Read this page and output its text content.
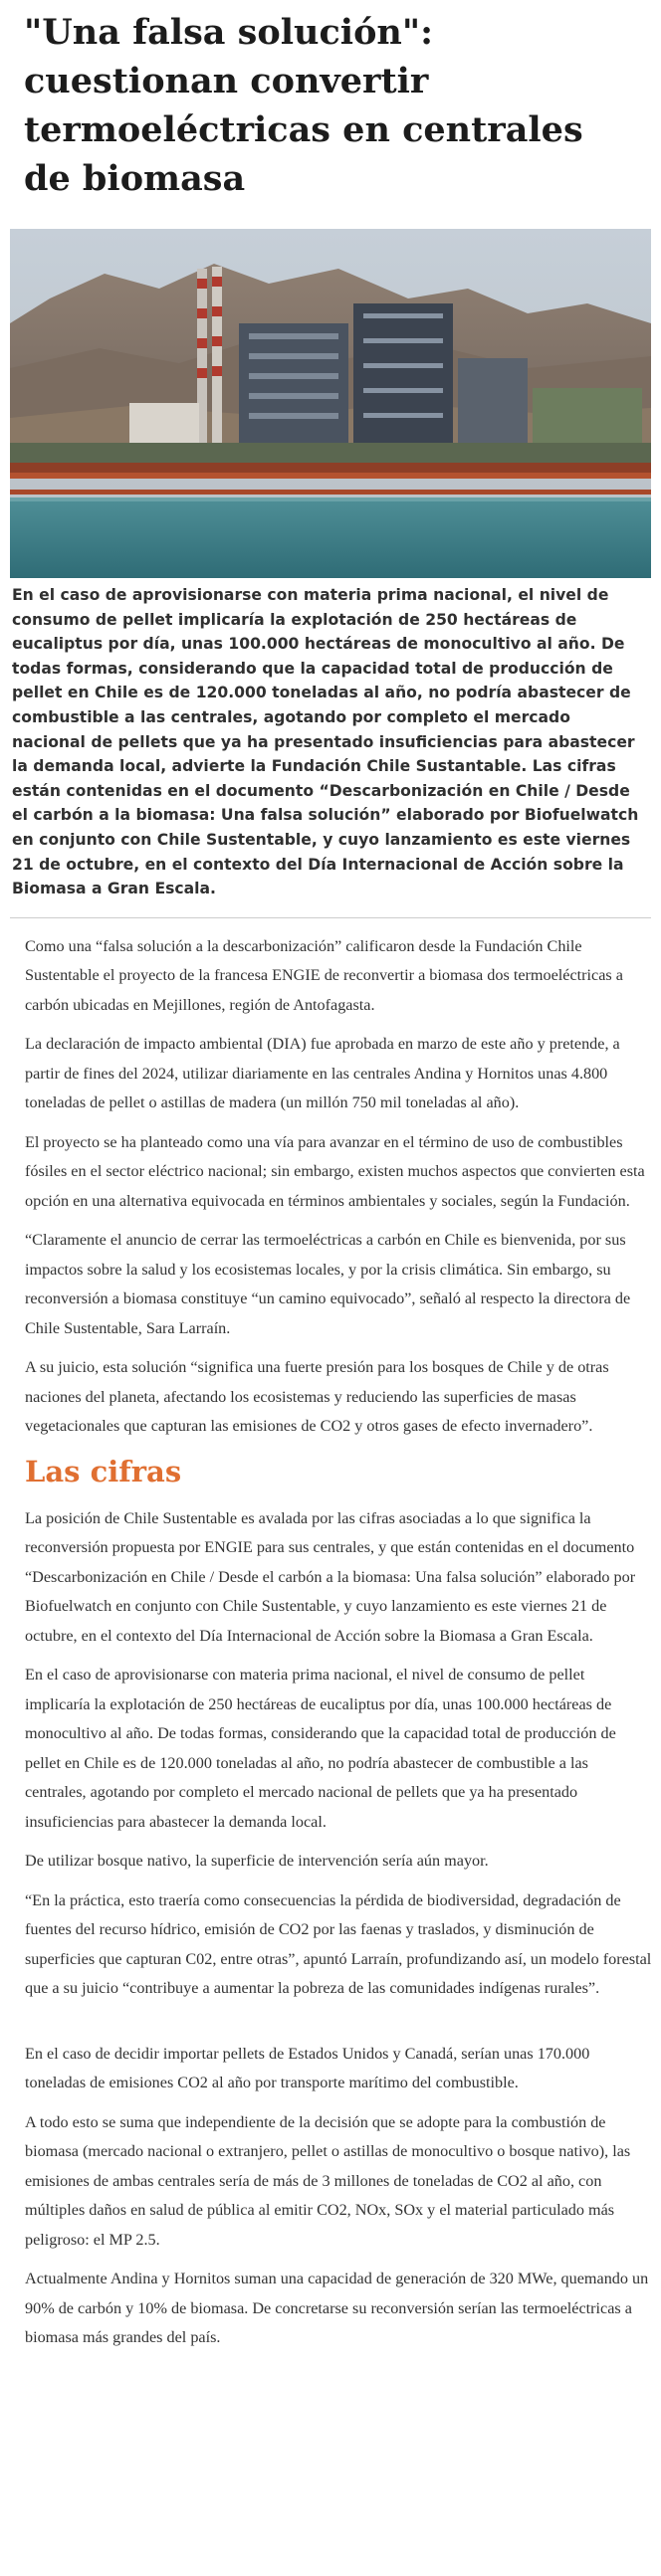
"Una falsa solución": cuestionan convertir termoeléctricas en centrales de biomasa

En el caso de aprovisionarse con materia prima nacional, el nivel de consumo de pellet implicaría la explotación de 250 hectáreas de eucaliptus por día, unas 100.000 hectáreas de monocultivo al año. De todas formas, considerando que la capacidad total de producción de pellet en Chile es de 120.000 toneladas al año, no podría abastecer de combustible a las centrales, agotando por completo el mercado nacional de pellets que ya ha presentado insuficiencias para abastecer la demanda local, advierte la Fundación Chile Sustantable. Las cifras están contenidas en el documento “Descarbonización en Chile / Desde el carbón a la biomasa: Una falsa solución” elaborado por Biofuelwatch en conjunto con Chile Sustentable, y cuyo lanzamiento es este viernes 21 de octubre, en el contexto del Día Internacional de Acción sobre la Biomasa a Gran Escala.

Como una “falsa solución a la descarbonización” calificaron desde la Fundación Chile Sustentable el proyecto de la francesa ENGIE de reconvertir a biomasa dos termoeléctricas a carbón ubicadas en Mejillones, región de Antofagasta.

La declaración de impacto ambiental (DIA) fue aprobada en marzo de este año y pretende, a partir de fines del 2024, utilizar diariamente en las centrales Andina y Hornitos unas 4.800 toneladas de pellet o astillas de madera (un millón 750 mil toneladas al año).

El proyecto se ha planteado como una vía para avanzar en el término de uso de combustibles fósiles en el sector eléctrico nacional; sin embargo, existen muchos aspectos que convierten esta opción en una alternativa equivocada en términos ambientales y sociales, según la Fundación.

“Claramente el anuncio de cerrar las termoeléctricas a carbón en Chile es bienvenida, por sus impactos sobre la salud y los ecosistemas locales, y por la crisis climática. Sin embargo, su reconversión a biomasa constituye “un camino equivocado”, señaló al respecto la directora de Chile Sustentable, Sara Larraín.

A su juicio, esta solución “significa una fuerte presión para los bosques de Chile y de otras naciones del planeta, afectando los ecosistemas y reduciendo las superficies de masas vegetacionales que capturan las emisiones de CO2 y otros gases de efecto invernadero”.

Las cifras

La posición de Chile Sustentable es avalada por las cifras asociadas a lo que significa la reconversión propuesta por ENGIE para sus centrales, y que están contenidas en el documento “Descarbonización en Chile / Desde el carbón a la biomasa: Una falsa solución” elaborado por Biofuelwatch en conjunto con Chile Sustentable, y cuyo lanzamiento es este viernes 21 de octubre, en el contexto del Día Internacional de Acción sobre la Biomasa a Gran Escala.

En el caso de aprovisionarse con materia prima nacional, el nivel de consumo de pellet implicaría la explotación de 250 hectáreas de eucaliptus por día, unas 100.000 hectáreas de monocultivo al año. De todas formas, considerando que la capacidad total de producción de pellet en Chile es de 120.000 toneladas al año, no podría abastecer de combustible a las centrales, agotando por completo el mercado nacional de pellets que ya ha presentado insuficiencias para abastecer la demanda local.

De utilizar bosque nativo, la superficie de intervención sería aún mayor.

“En la práctica, esto traería como consecuencias la pérdida de biodiversidad, degradación de fuentes del recurso hídrico, emisión de CO2 por las faenas y traslados, y disminución de superficies que capturan C02, entre otras”, apuntó Larraín, profundizando así, un modelo forestal que a su juicio “contribuye a aumentar la pobreza de las comunidades indígenas rurales”.

En el caso de decidir importar pellets de Estados Unidos y Canadá, serían unas 170.000 toneladas de emisiones CO2 al año por transporte marítimo del combustible.

A todo esto se suma que independiente de la decisión que se adopte para la combustión de biomasa (mercado nacional o extranjero, pellet o astillas de monocultivo o bosque nativo), las emisiones de ambas centrales sería de más de 3 millones de toneladas de CO2 al año, con múltiples daños en salud de pública al emitir CO2, NOx, SOx y el material particulado más peligroso: el MP 2.5.

Actualmente Andina y Hornitos suman una capacidad de generación de 320 MWe, quemando un 90% de carbón y 10% de biomasa. De concretarse su reconversión serían las termoeléctricas a biomasa más grandes del país.
